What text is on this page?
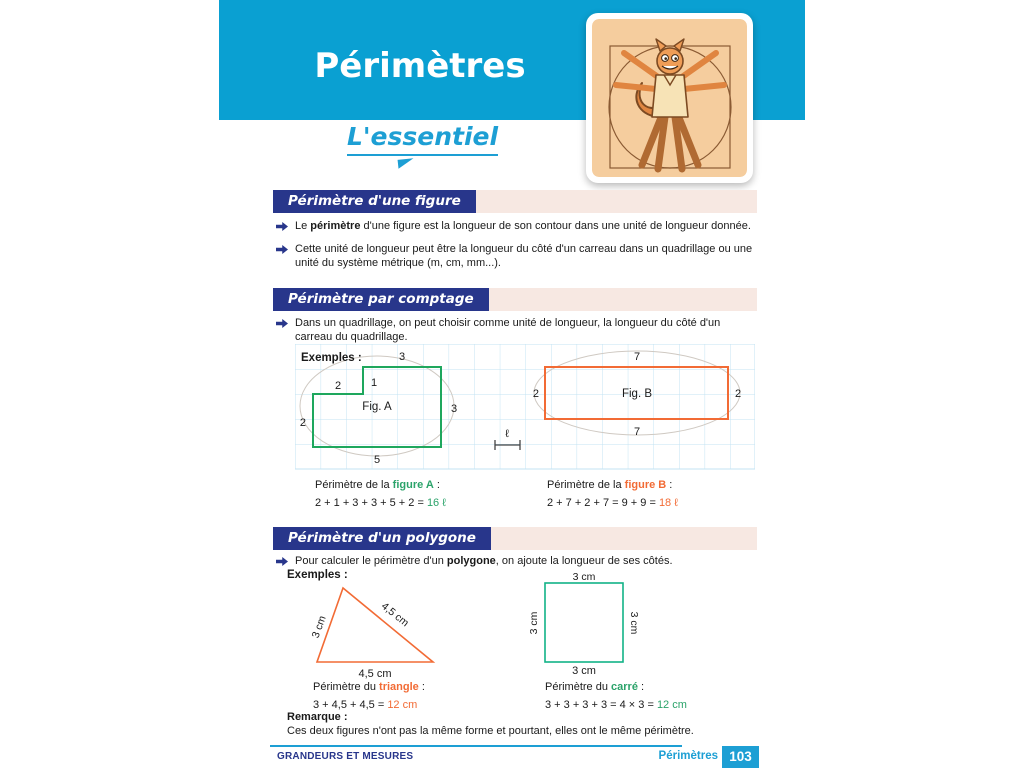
Périmètres
L'essentiel
Périmètre d'une figure

Le périmètre d'une figure est la longueur de son contour dans une unité de longueur donnée.

Cette unité de longueur peut être la longueur du côté d'un carreau dans un quadrillage ou une unité du système métrique (m, cm, mm...).

Périmètre par comptage

Dans un quadrillage, on peut choisir comme unité de longueur, la longueur du côté d'un carreau du quadrillage.

Exemples :
ℓ
3
2	1
Fig. A	3
2
5
7
2	Fig. B	2
7
Périmètre de la figure A :
2 + 1 + 3 + 3 + 5 + 2 = 16 ℓ
Périmètre de la figure B :
2 + 7 + 2 + 7 = 9 + 9 = 18 ℓ
Périmètre d'un polygone

Pour calculer le périmètre d'un polygone, on ajoute la longueur de ses côtés.

Exemples :
3 cm	4,5 cm
4,5 cm
3 cm
3 cm	3 cm
3 cm
Périmètre du triangle :
3 + 4,5 + 4,5 = 12 cm
Périmètre du carré :
3 + 3 + 3 + 3 = 4 × 3 = 12 cm
Remarque :
Ces deux figures n'ont pas la même forme et pourtant, elles ont le même périmètre.
GRANDEURS ET MESURES	Périmètres 103
